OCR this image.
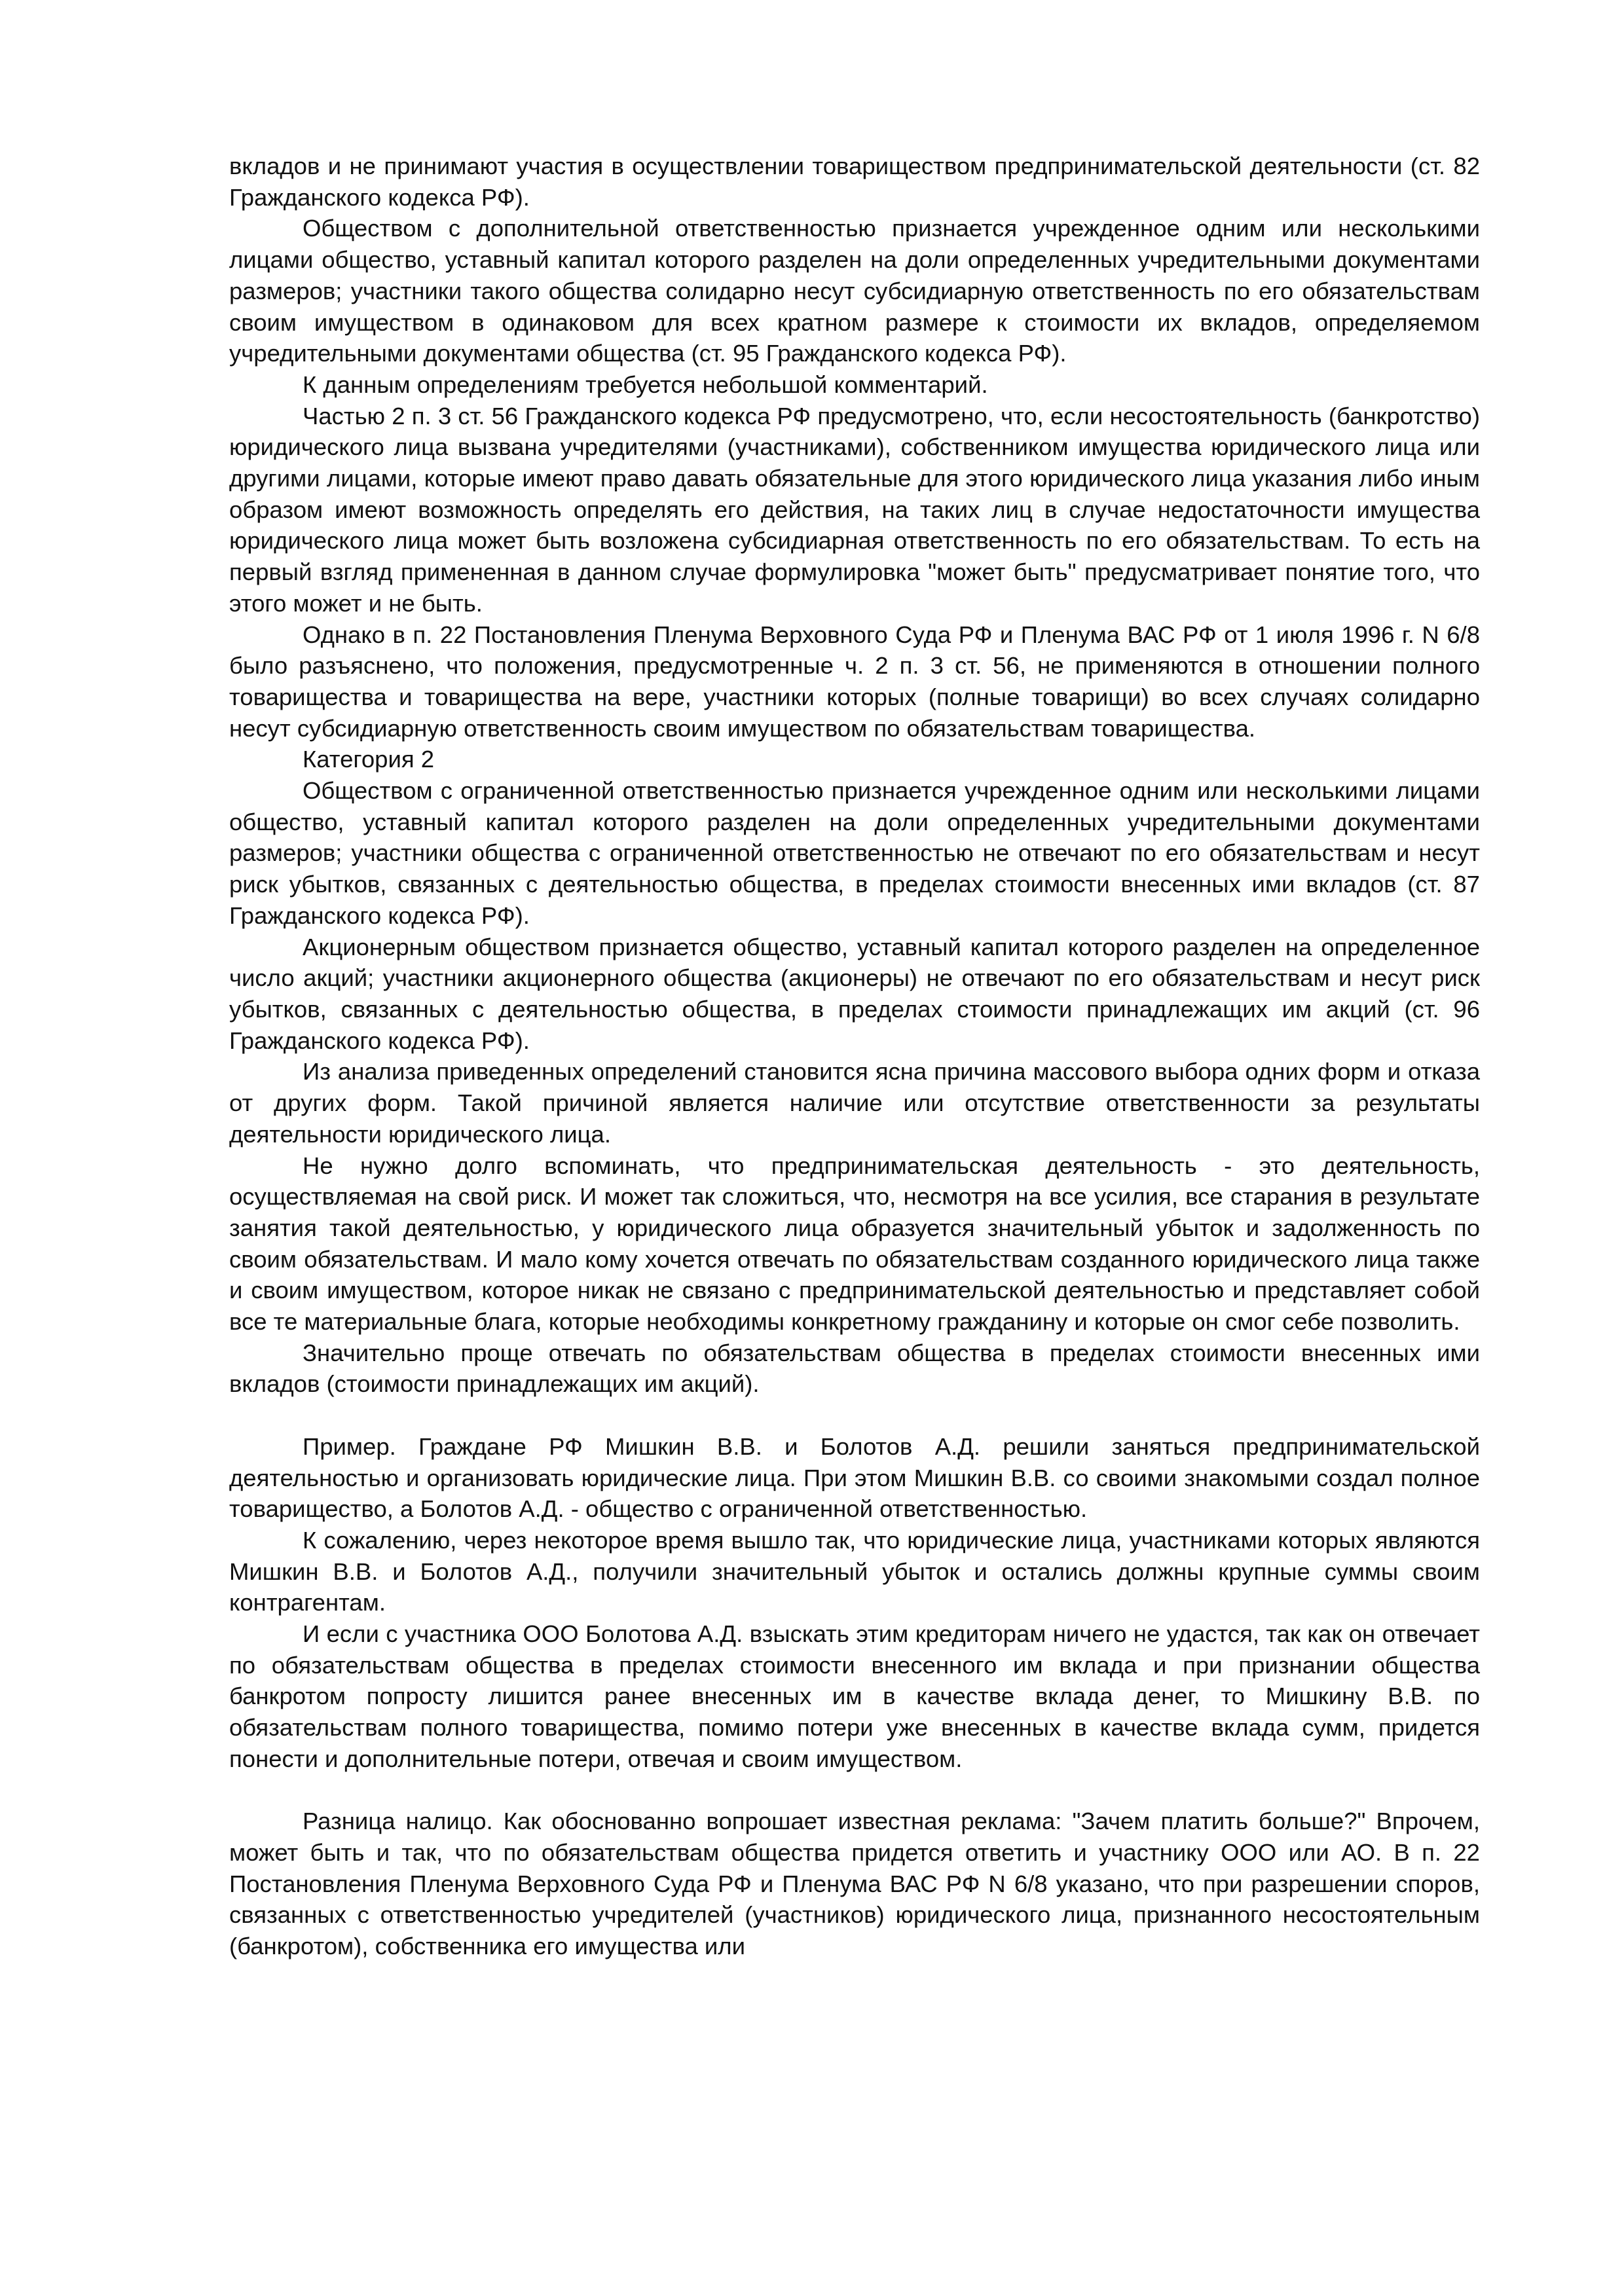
вкладов и не принимают участия в осуществлении товариществом предпринимательской деятельности (ст. 82 Гражданского кодекса РФ).

Обществом с дополнительной ответственностью признается учрежденное одним или несколькими лицами общество, уставный капитал которого разделен на доли определенных учредительными документами размеров; участники такого общества солидарно несут субсидиарную ответственность по его обязательствам своим имуществом в одинаковом для всех кратном размере к стоимости их вкладов, определяемом учредительными документами общества (ст. 95 Гражданского кодекса РФ).

К данным определениям требуется небольшой комментарий.

Частью 2 п. 3 ст. 56 Гражданского кодекса РФ предусмотрено, что, если несостоятельность (банкротство) юридического лица вызвана учредителями (участниками), собственником имущества юридического лица или другими лицами, которые имеют право давать обязательные для этого юридического лица указания либо иным образом имеют возможность определять его действия, на таких лиц в случае недостаточности имущества юридического лица может быть возложена субсидиарная ответственность по его обязательствам. То есть на первый взгляд примененная в данном случае формулировка "может быть" предусматривает понятие того, что этого может и не быть.

Однако в п. 22 Постановления Пленума Верховного Суда РФ и Пленума ВАС РФ от 1 июля 1996 г. N 6/8 было разъяснено, что положения, предусмотренные ч. 2 п. 3 ст. 56, не применяются в отношении полного товарищества и товарищества на вере, участники которых (полные товарищи) во всех случаях солидарно несут субсидиарную ответственность своим имуществом по обязательствам товарищества.

Категория 2

Обществом с ограниченной ответственностью признается учрежденное одним или несколькими лицами общество, уставный капитал которого разделен на доли определенных учредительными документами размеров; участники общества с ограниченной ответственностью не отвечают по его обязательствам и несут риск убытков, связанных с деятельностью общества, в пределах стоимости внесенных ими вкладов (ст. 87 Гражданского кодекса РФ).

Акционерным обществом признается общество, уставный капитал которого разделен на определенное число акций; участники акционерного общества (акционеры) не отвечают по его обязательствам и несут риск убытков, связанных с деятельностью общества, в пределах стоимости принадлежащих им акций (ст. 96 Гражданского кодекса РФ).

Из анализа приведенных определений становится ясна причина массового выбора одних форм и отказа от других форм. Такой причиной является наличие или отсутствие ответственности за результаты деятельности юридического лица.

Не нужно долго вспоминать, что предпринимательская деятельность - это деятельность, осуществляемая на свой риск. И может так сложиться, что, несмотря на все усилия, все старания в результате занятия такой деятельностью, у юридического лица образуется значительный убыток и задолженность по своим обязательствам. И мало кому хочется отвечать по обязательствам созданного юридического лица также и своим имуществом, которое никак не связано с предпринимательской деятельностью и представляет собой все те материальные блага, которые необходимы конкретному гражданину и которые он смог себе позволить.

Значительно проще отвечать по обязательствам общества в пределах стоимости внесенных ими вкладов (стоимости принадлежащих им акций).

Пример. Граждане РФ Мишкин В.В. и Болотов А.Д. решили заняться предпринимательской деятельностью и организовать юридические лица. При этом Мишкин В.В. со своими знакомыми создал полное товарищество, а Болотов А.Д. - общество с ограниченной ответственностью.

К сожалению, через некоторое время вышло так, что юридические лица, участниками которых являются Мишкин В.В. и Болотов А.Д., получили значительный убыток и остались должны крупные суммы своим контрагентам.

И если с участника ООО Болотова А.Д. взыскать этим кредиторам ничего не удастся, так как он отвечает по обязательствам общества в пределах стоимости внесенного им вклада и при признании общества банкротом попросту лишится ранее внесенных им в качестве вклада денег, то Мишкину В.В. по обязательствам полного товарищества, помимо потери уже внесенных в качестве вклада сумм, придется понести и дополнительные потери, отвечая и своим имуществом.

Разница налицо. Как обоснованно вопрошает известная реклама: "Зачем платить больше?" Впрочем, может быть и так, что по обязательствам общества придется ответить и участнику ООО или АО. В п. 22 Постановления Пленума Верховного Суда РФ и Пленума ВАС РФ N 6/8 указано, что при разрешении споров, связанных с ответственностью учредителей (участников) юридического лица, признанного несостоятельным (банкротом), собственника его имущества или
